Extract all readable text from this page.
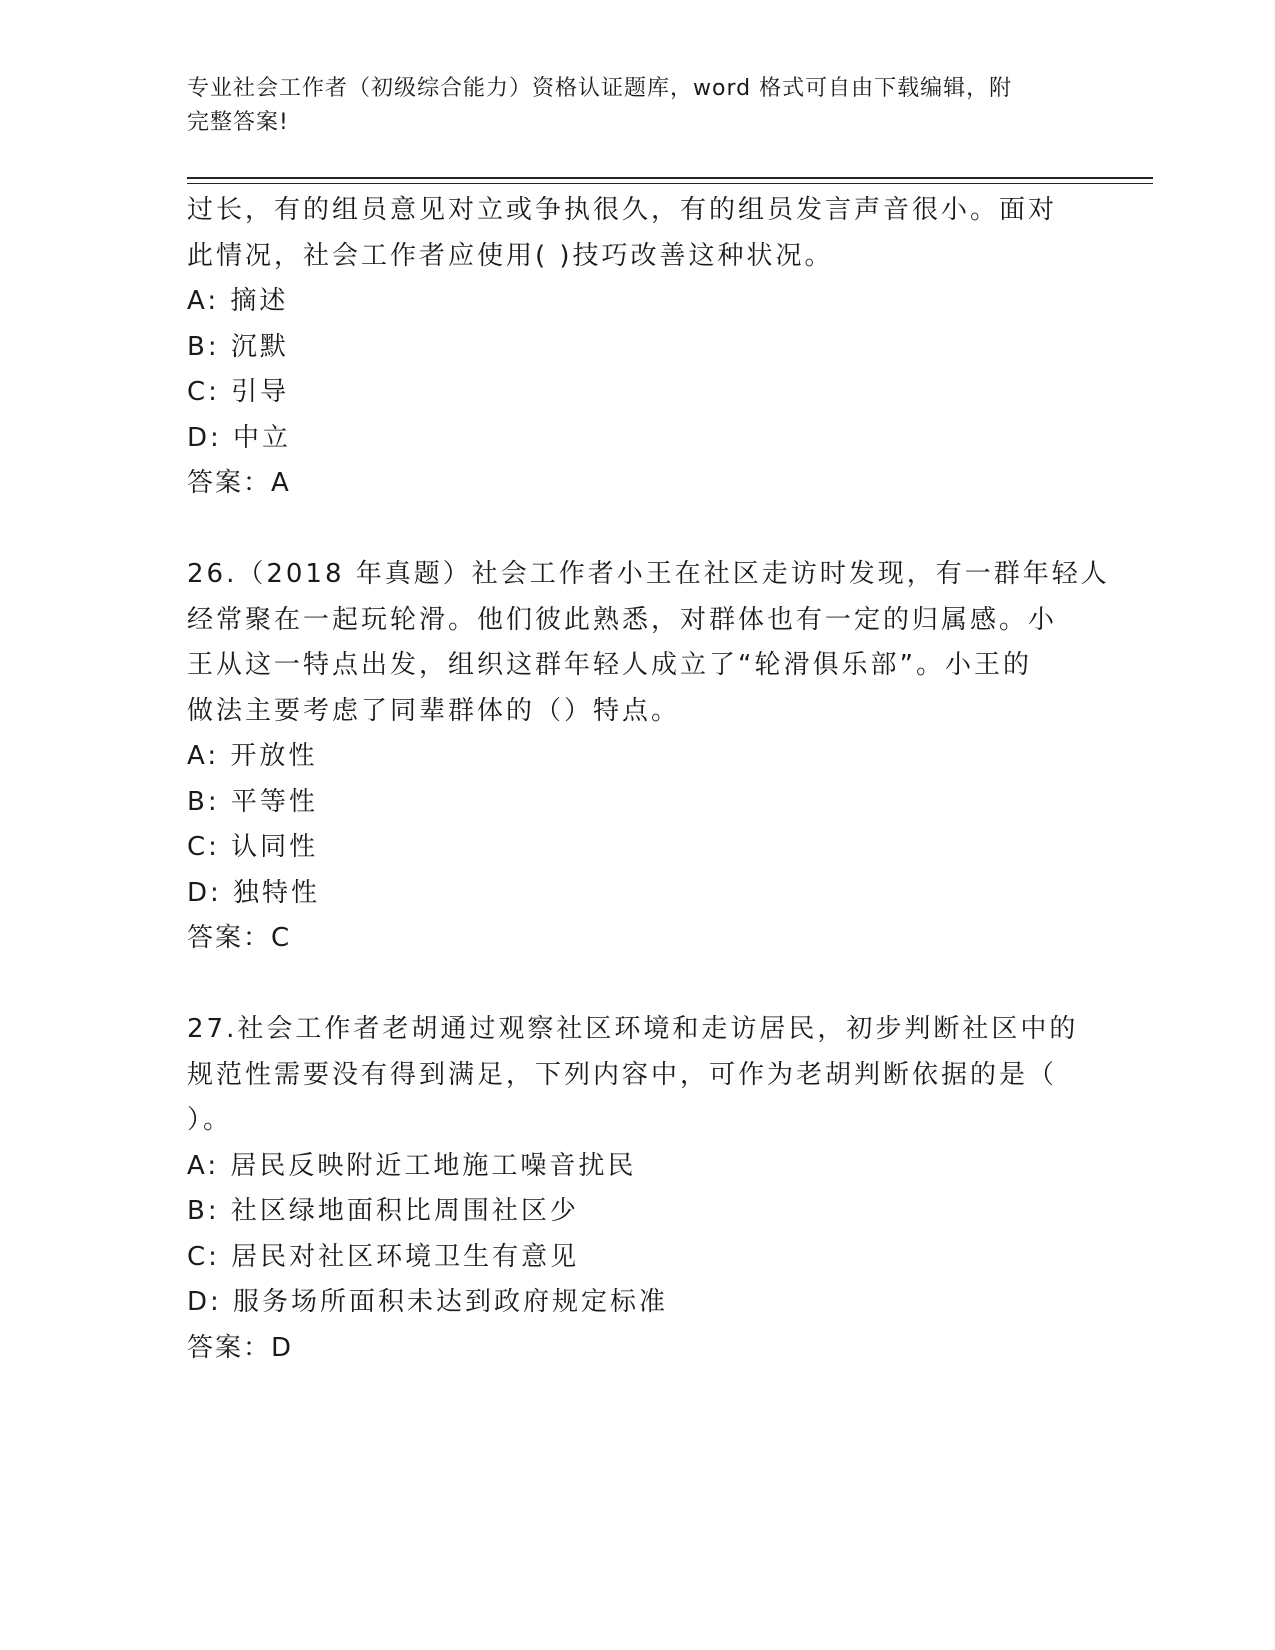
专业社会工作者（初级综合能力）资格认证题库，word 格式可自由下载编辑，附
完整答案!
过长，有的组员意见对立或争执很久，有的组员发言声音很小。面对
此情况，社会工作者应使用( )技巧改善这种状况。
A: 摘述
B: 沉默
C: 引导
D: 中立
答案：A
26.（2018 年真题）社会工作者小王在社区走访时发现，有一群年轻人
经常聚在一起玩轮滑。他们彼此熟悉，对群体也有一定的归属感。小
王从这一特点出发，组织这群年轻人成立了“轮滑俱乐部”。小王的
做法主要考虑了同辈群体的（）特点。
A: 开放性
B: 平等性
C: 认同性
D: 独特性
答案：C
27.社会工作者老胡通过观察社区环境和走访居民，初步判断社区中的
规范性需要没有得到满足，下列内容中，可作为老胡判断依据的是（
）。
A: 居民反映附近工地施工噪音扰民
B: 社区绿地面积比周围社区少
C: 居民对社区环境卫生有意见
D: 服务场所面积未达到政府规定标准
答案：D
